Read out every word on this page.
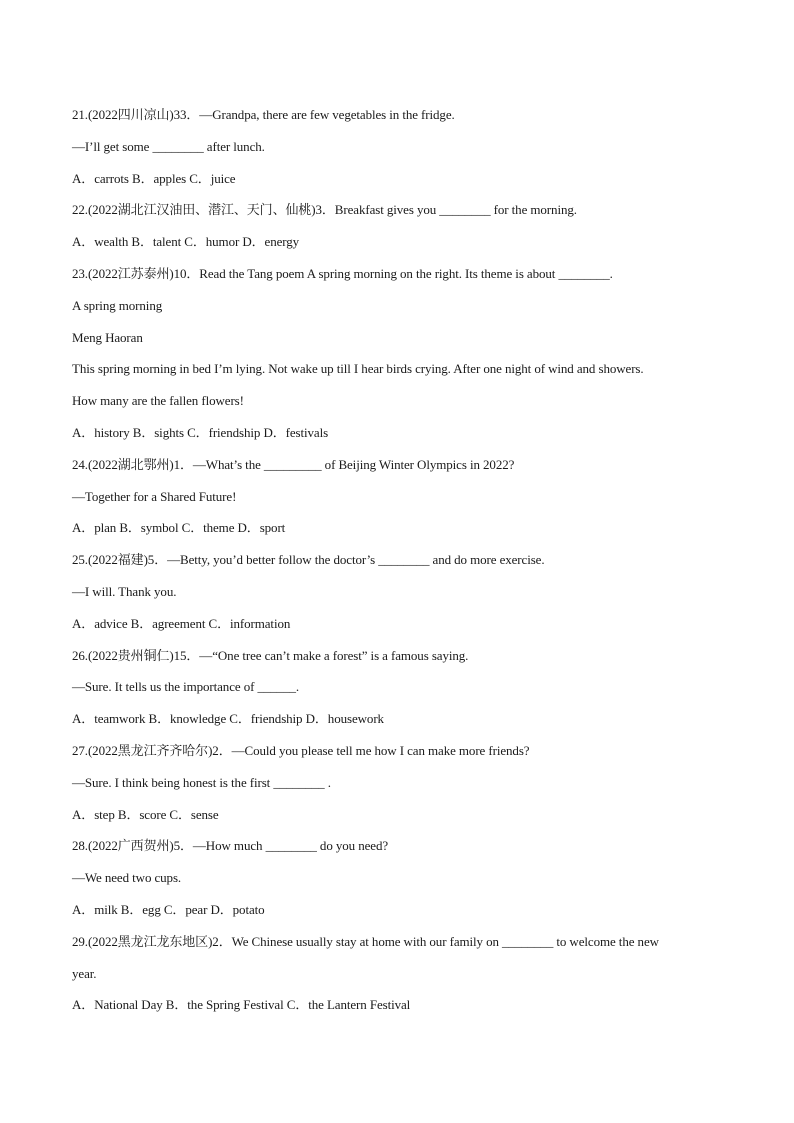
21.(2022四川凉山)33．—Grandpa, there are few vegetables in the fridge.
—I’ll get some ________ after lunch.
A．carrots B．apples C．juice
22.(2022湖北江汉油田、潜江、天门、仙桃)3．Breakfast gives you ________ for the morning.
A．wealth B．talent C．humor D．energy
23.(2022江苏泰州)10．Read the Tang poem A spring morning on the right. Its theme is about ________.
A spring morning
Meng Haoran
This spring morning in bed I’m lying. Not wake up till I hear birds crying. After one night of wind and showers.
How many are the fallen flowers!
A．history B．sights C．friendship D．festivals
24.(2022湖北鄂州)1．—What’s the _________ of Beijing Winter Olympics in 2022?
—Together for a Shared Future!
A．plan B．symbol C．theme D．sport
25.(2022福建)5．—Betty, you’d better follow the doctor’s ________ and do more exercise.
—I will. Thank you.
A．advice B．agreement C．information
26.(2022贵州铜仁)15．—“One tree can’t make a forest” is a famous saying.
—Sure. It tells us the importance of ______.
A．teamwork B．knowledge C．friendship D．housework
27.(2022黑龙江齐齐哈尔)2．—Could you please tell me how I can make more friends?
—Sure. I think being honest is the first ________ .
A．step B．score C．sense
28.(2022广西贺州)5．—How much ________ do you need?
—We need two cups.
A．milk B．egg C．pear D．potato
29.(2022黑龙江龙东地区)2．We Chinese usually stay at home with our family on ________ to welcome the new
year.
A．National Day B．the Spring Festival C．the Lantern Festival
